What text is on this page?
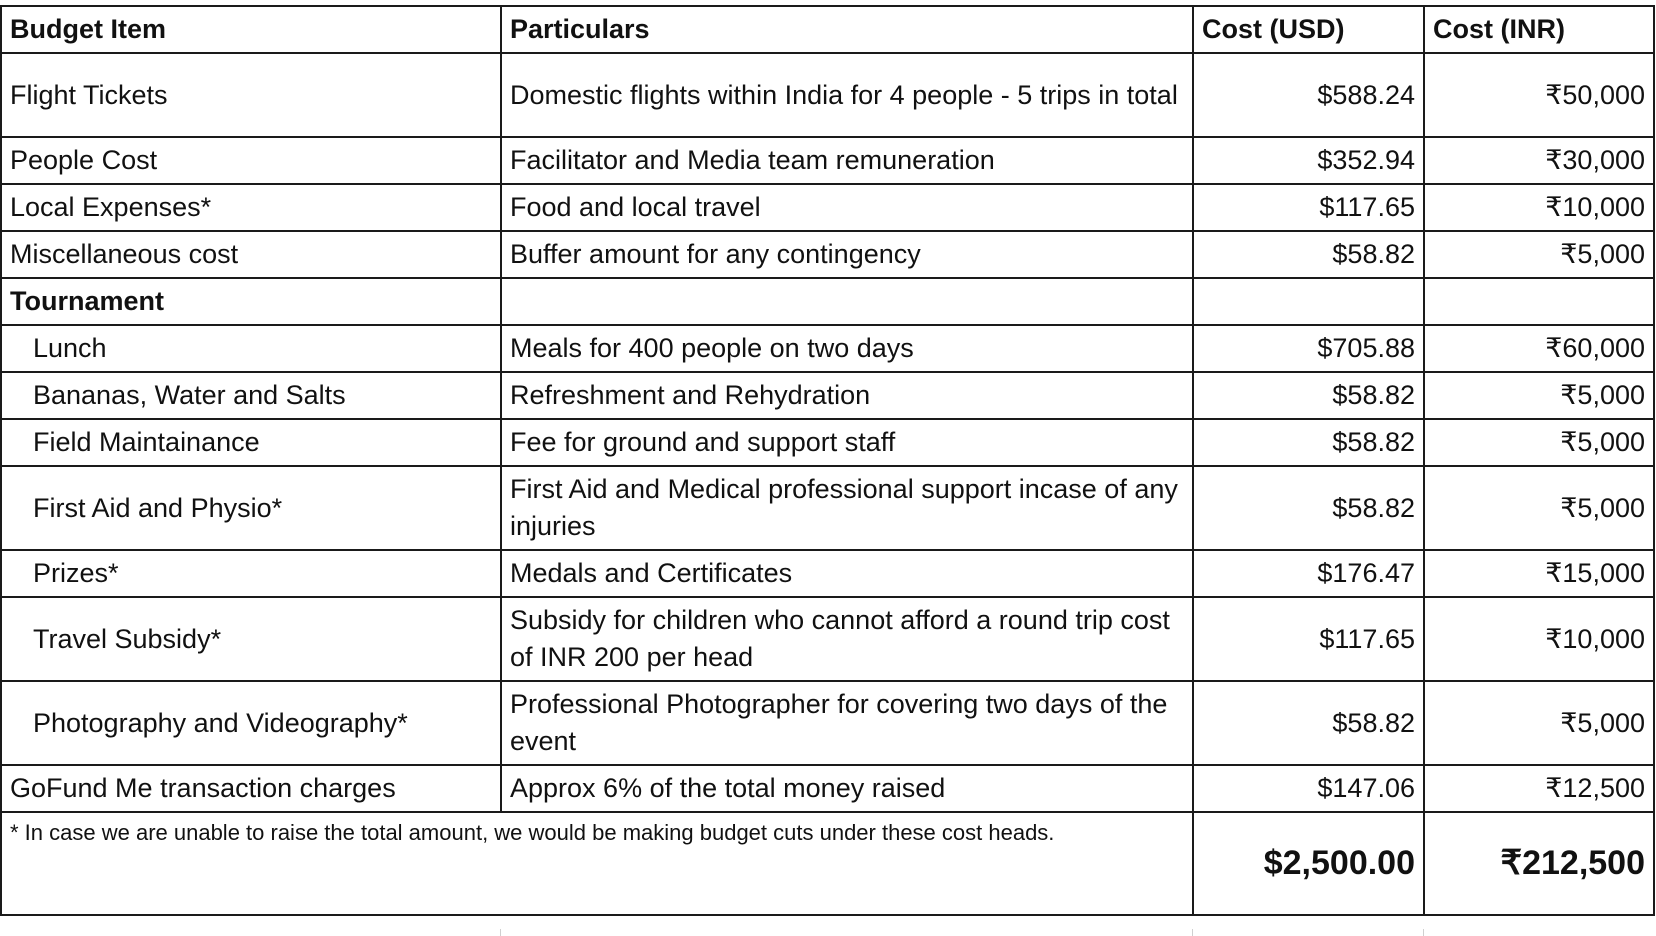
Budget Item	Particulars	Cost (USD)	Cost (INR)
Flight Tickets	Domestic flights within India for 4 people - 5 trips in total	$588.24	₹50,000
People Cost	Facilitator and Media team remuneration	$352.94	₹30,000
Local Expenses*	Food and local travel	$117.65	₹10,000
Miscellaneous cost	Buffer amount for any contingency	$58.82	₹5,000
Tournament			
Lunch	Meals for 400 people on two days	$705.88	₹60,000
Bananas, Water and Salts	Refreshment and Rehydration	$58.82	₹5,000
Field Maintainance	Fee for ground and support staff	$58.82	₹5,000
First Aid and Physio*	First Aid and Medical professional support incase of any injuries	$58.82	₹5,000
Prizes*	Medals and Certificates	$176.47	₹15,000
Travel Subsidy*	Subsidy for children who cannot afford a round trip cost of INR 200 per head	$117.65	₹10,000
Photography and Videography*	Professional Photographer for covering two days of the event	$58.82	₹5,000
GoFund Me transaction charges	Approx 6% of the total money raised	$147.06	₹12,500
* In case we are unable to raise the total amount, we would be making budget cuts under these cost heads.		$2,500.00	₹212,500
